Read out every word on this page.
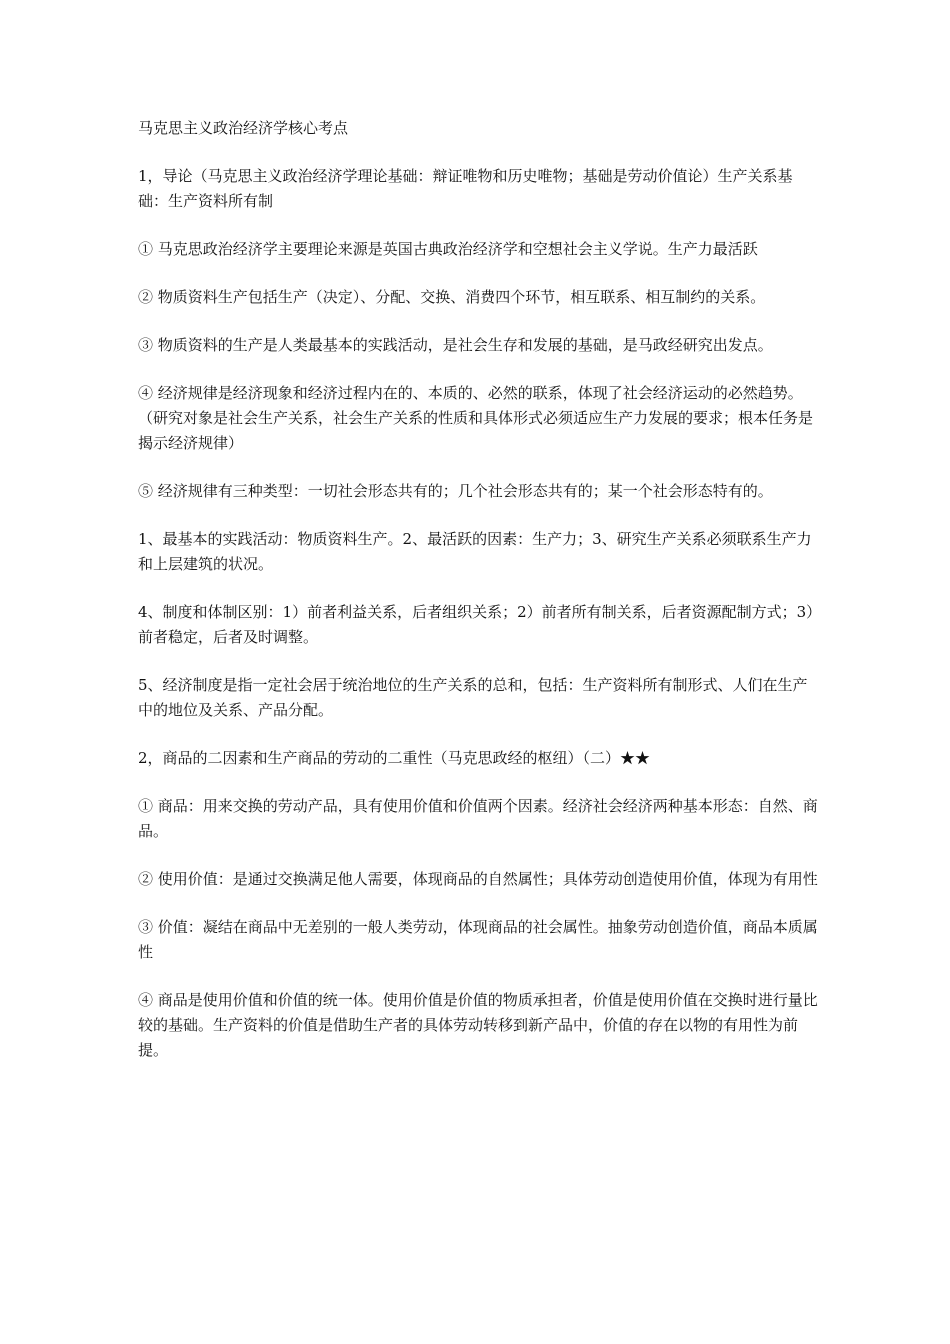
马克思主义政治经济学核心考点

1，导论（马克思主义政治经济学理论基础：辩证唯物和历史唯物；基础是劳动价值论）生产关系基础：生产资料所有制

① 马克思政治经济学主要理论来源是英国古典政治经济学和空想社会主义学说。生产力最活跃

② 物质资料生产包括生产（决定）、分配、交换、消费四个环节，相互联系、相互制约的关系。

③ 物质资料的生产是人类最基本的实践活动，是社会生存和发展的基础，是马政经研究出发点。

④ 经济规律是经济现象和经济过程内在的、本质的、必然的联系，体现了社会经济运动的必然趋势。（研究对象是社会生产关系，社会生产关系的性质和具体形式必须适应生产力发展的要求；根本任务是揭示经济规律）

⑤ 经济规律有三种类型：一切社会形态共有的；几个社会形态共有的；某一个社会形态特有的。

1、最基本的实践活动：物质资料生产。2、最活跃的因素：生产力；3、研究生产关系必须联系生产力和上层建筑的状况。

4、制度和体制区别：1）前者利益关系，后者组织关系；2）前者所有制关系，后者资源配制方式；3）前者稳定，后者及时调整。

5、经济制度是指一定社会居于统治地位的生产关系的总和，包括：生产资料所有制形式、人们在生产中的地位及关系、产品分配。

2，商品的二因素和生产商品的劳动的二重性（马克思政经的枢纽）（二）★★

① 商品：用来交换的劳动产品，具有使用价值和价值两个因素。经济社会经济两种基本形态：自然、商品。

② 使用价值：是通过交换满足他人需要，体现商品的自然属性；具体劳动创造使用价值，体现为有用性

③ 价值：凝结在商品中无差别的一般人类劳动，体现商品的社会属性。抽象劳动创造价值，商品本质属性

④ 商品是使用价值和价值的统一体。使用价值是价值的物质承担者，价值是使用价值在交换时进行量比较的基础。生产资料的价值是借助生产者的具体劳动转移到新产品中，价值的存在以物的有用性为前提。
